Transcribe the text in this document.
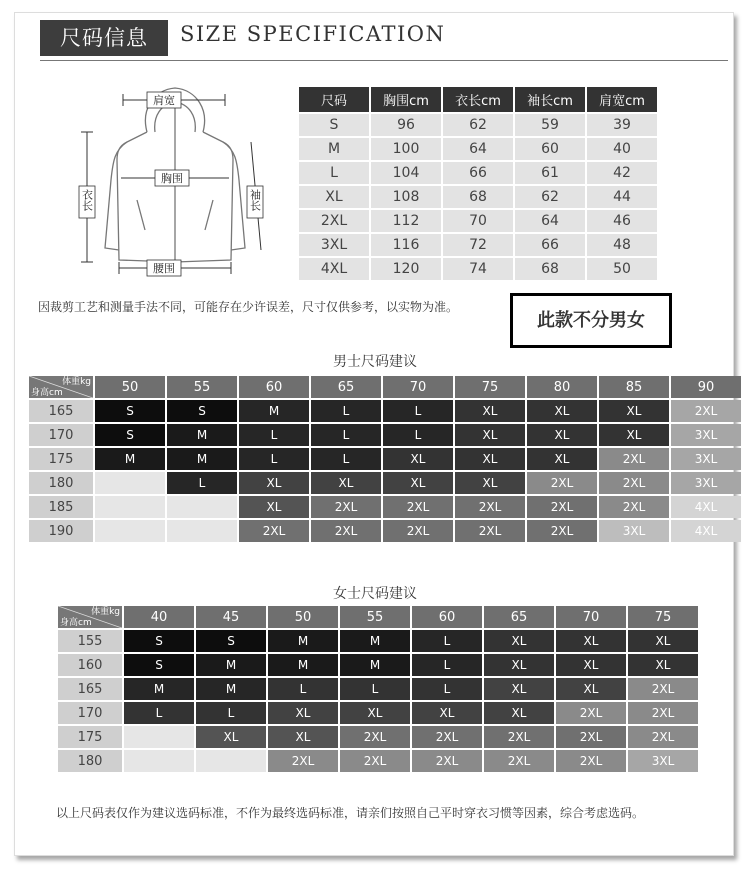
尺码信息	SIZE SPECIFICATION
肩宽
胸围
腰围
衣长	袖长
尺码	胸围cm	衣长cm	袖长cm	肩宽cm
S	96	62	59	39
M	100	64	60	40
L	104	66	61	42
XL	108	68	62	44
2XL	112	70	64	46
3XL	116	72	66	48
4XL	120	74	68	50
因裁剪工艺和测量手法不同，可能存在少许误差，尺寸仅供参考，以实物为准。
此款不分男女
男士尺码建议
体重kg
身高cm	50	55	60	65	70	75	80	85	90
165	S	S	M	L	L	XL	XL	XL	2XL
170	S	M	L	L	L	XL	XL	XL	3XL
175	M	M	L	L	XL	XL	XL	2XL	3XL
180		L	XL	XL	XL	XL	2XL	2XL	3XL
185			XL	2XL	2XL	2XL	2XL	2XL	4XL
190			2XL	2XL	2XL	2XL	2XL	3XL	4XL
女士尺码建议
体重kg
身高cm	40	45	50	55	60	65	70	75
155	S	S	M	M	L	XL	XL	XL
160	S	M	M	M	L	XL	XL	XL
165	M	M	L	L	L	XL	XL	2XL
170	L	L	XL	XL	XL	XL	2XL	2XL
175		XL	XL	2XL	2XL	2XL	2XL	2XL
180			2XL	2XL	2XL	2XL	2XL	3XL
以上尺码表仅作为建议选码标准，不作为最终选码标准，请亲们按照自己平时穿衣习惯等因素，综合考虑选码。
